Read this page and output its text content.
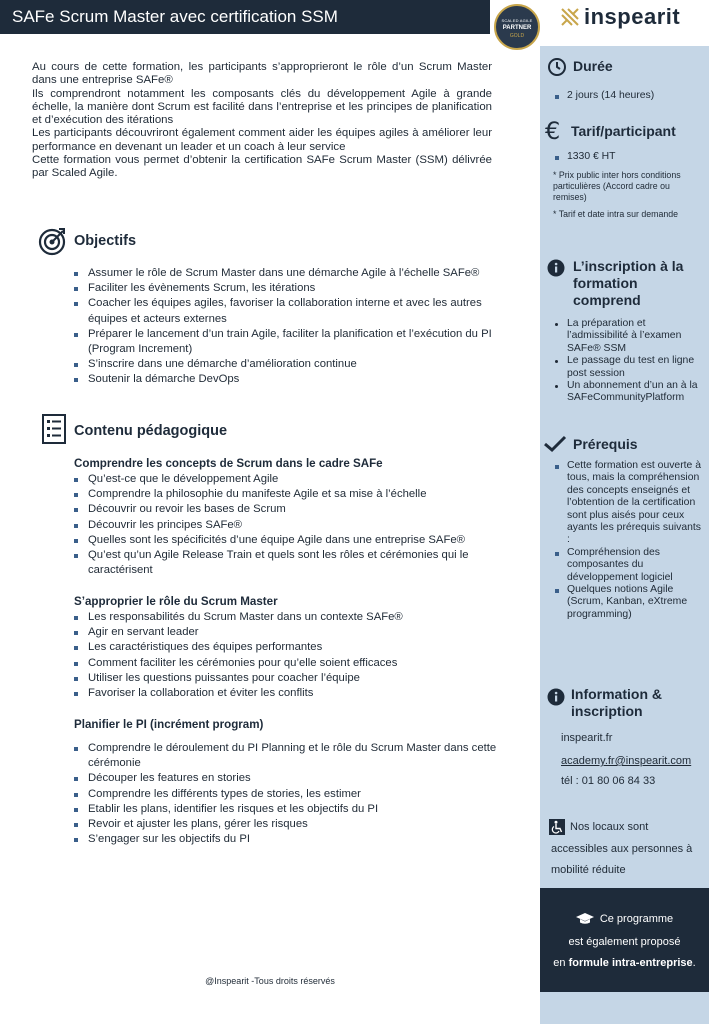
SAFe Scrum Master avec certification SSM	SCALED AGILE
PARTNER
GOLD
inspearit

Au cours de cette formation, les participants s’approprieront le rôle d’un Scrum Master dans une entreprise SAFe®

Ils comprendront notamment les composants clés du développement Agile à grande échelle, la manière dont Scrum est facilité dans l’entreprise et les principes de planification et d’exécution des itérations

Les participants découvriront également comment aider les équipes agiles à améliorer leur performance en devenant un leader et un coach à leur service

Cette formation vous permet d’obtenir la certification SAFe Scrum Master (SSM) délivrée par Scaled Agile.

Objectifs
Assumer le rôle de Scrum Master dans une démarche Agile à l’échelle SAFe®
Faciliter les évènements Scrum, les itérations
Coacher les équipes agiles, favoriser la collaboration interne et avec les autres équipes et acteurs externes
Préparer le lancement d’un train Agile, faciliter la planification et l’exécution du PI (Program Increment)
S’inscrire dans une démarche d’amélioration continue
Soutenir la démarche DevOps
Contenu pédagogique
Comprendre les concepts de Scrum dans le cadre SAFe
Qu’est-ce que le développement Agile
Comprendre la philosophie du manifeste Agile et sa mise à l’échelle
Découvrir ou revoir les bases de Scrum
Découvrir les principes SAFe®
Quelles sont les spécificités d’une équipe Agile dans une entreprise SAFe®
Qu’est qu’un Agile Release Train et quels sont les rôles et cérémonies qui le caractérisent
S’approprier le rôle du Scrum Master
Les responsabilités du Scrum Master dans un contexte SAFe®
Agir en servant leader
Les caractéristiques des équipes performantes
Comment faciliter les cérémonies pour qu’elle soient efficaces
Utiliser les questions puissantes pour coacher l’équipe
Favoriser la collaboration et éviter les conflits
Planifier le PI (incrément program)
Comprendre le déroulement du PI Planning et le rôle du Scrum Master dans cette cérémonie
Découper les features en stories
Comprendre les différents types de stories, les estimer
Etablir les plans, identifier les risques et les objectifs du PI
Revoir et ajuster les plans, gérer les risques
S’engager sur les objectifs du PI
Durée
2 jours (14 heures)
€ Tarif/participant
1330 € HT
* Prix public inter hors conditions particulières (Accord cadre ou remises)
* Tarif et date intra sur demande
L’inscription à la formation comprend
La préparation et l’admissibilité à l’examen SAFe® SSM
Le passage du test en ligne post session
Un abonnement d’un an à la SAFeCommunityPlatform
Prérequis
Cette formation est ouverte à tous, mais la compréhension des concepts enseignés et l’obtention de la certification sont plus aisés pour ceux ayants les prérequis suivants :
Compréhension des composantes du développement logiciel
Quelques notions Agile (Scrum, Kanban, eXtreme programming)
Information & inscription
inspearit.fr
academy.fr@inspearit.com
tél : 01 80 06 84 33
Nos locaux sont
accessibles aux personnes à
mobilité réduite
Ce programme
est également proposé
en formule intra-entreprise.
@Inspearit -Tous droits réservés
